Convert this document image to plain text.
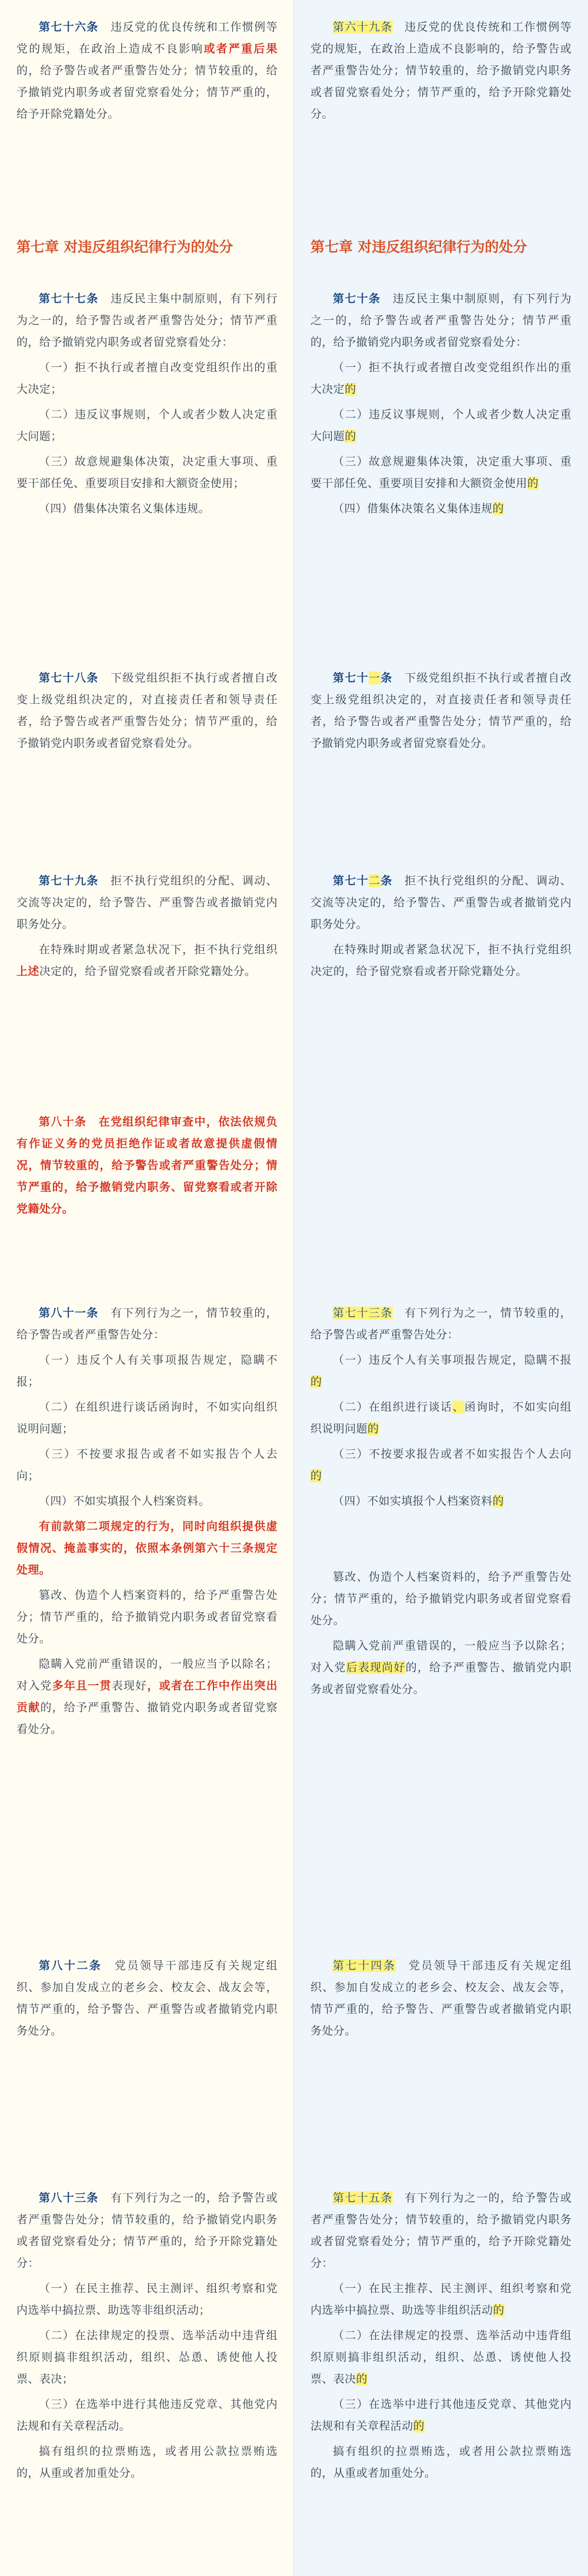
第七十六条　违反党的优良传统和工作惯例等党的规矩，在政治上造成不良影响或者严重后果的，给予警告或者严重警告处分；情节较重的，给予撤销党内职务或者留党察看处分；情节严重的，给予开除党籍处分。

第七章 对违反组织纪律行为的处分

第七十七条　违反民主集中制原则，有下列行为之一的，给予警告或者严重警告处分；情节严重的，给予撤销党内职务或者留党察看处分：

（一）拒不执行或者擅自改变党组织作出的重大决定；

（二）违反议事规则，个人或者少数人决定重大问题；

（三）故意规避集体决策，决定重大事项、重要干部任免、重要项目安排和大额资金使用；

（四）借集体决策名义集体违规。

第七十八条　下级党组织拒不执行或者擅自改变上级党组织决定的，对直接责任者和领导责任者，给予警告或者严重警告处分；情节严重的，给予撤销党内职务或者留党察看处分。

第七十九条　拒不执行党组织的分配、调动、交流等决定的，给予警告、严重警告或者撤销党内职务处分。

在特殊时期或者紧急状况下，拒不执行党组织上述决定的，给予留党察看或者开除党籍处分。

第八十条　在党组织纪律审查中，依法依规负有作证义务的党员拒绝作证或者故意提供虚假情况，情节较重的，给予警告或者严重警告处分；情节严重的，给予撤销党内职务、留党察看或者开除党籍处分。

第八十一条　有下列行为之一，情节较重的，给予警告或者严重警告处分：

（一）违反个人有关事项报告规定，隐瞒不报；

（二）在组织进行谈话函询时，不如实向组织说明问题；

（三）不按要求报告或者不如实报告个人去向；

（四）不如实填报个人档案资料。

有前款第二项规定的行为，同时向组织提供虚假情况、掩盖事实的，依照本条例第六十三条规定处理。

篡改、伪造个人档案资料的，给予严重警告处分；情节严重的，给予撤销党内职务或者留党察看处分。

隐瞒入党前严重错误的，一般应当予以除名；对入党多年且一贯表现好，或者在工作中作出突出贡献的，给予严重警告、撤销党内职务或者留党察看处分。

第八十二条　党员领导干部违反有关规定组织、参加自发成立的老乡会、校友会、战友会等，情节严重的，给予警告、严重警告或者撤销党内职务处分。

第八十三条　有下列行为之一的，给予警告或者严重警告处分；情节较重的，给予撤销党内职务或者留党察看处分；情节严重的，给予开除党籍处分：

（一）在民主推荐、民主测评、组织考察和党内选举中搞拉票、助选等非组织活动；

（二）在法律规定的投票、选举活动中违背组织原则搞非组织活动，组织、怂恿、诱使他人投票、表决；

（三）在选举中进行其他违反党章、其他党内法规和有关章程活动。

搞有组织的拉票贿选，或者用公款拉票贿选的，从重或者加重处分。

第六十九条　违反党的优良传统和工作惯例等党的规矩，在政治上造成不良影响的，给予警告或者严重警告处分；情节较重的，给予撤销党内职务或者留党察看处分；情节严重的，给予开除党籍处分。

第七章 对违反组织纪律行为的处分

第七十条　违反民主集中制原则，有下列行为之一的，给予警告或者严重警告处分；情节严重的，给予撤销党内职务或者留党察看处分：

（一）拒不执行或者擅自改变党组织作出的重大决定的

（二）违反议事规则，个人或者少数人决定重大问题的

（三）故意规避集体决策，决定重大事项、重要干部任免、重要项目安排和大额资金使用的

（四）借集体决策名义集体违规的

第七十一条　下级党组织拒不执行或者擅自改变上级党组织决定的，对直接责任者和领导责任者，给予警告或者严重警告处分；情节严重的，给予撤销党内职务或者留党察看处分。

第七十二条　拒不执行党组织的分配、调动、交流等决定的，给予警告、严重警告或者撤销党内职务处分。

在特殊时期或者紧急状况下，拒不执行党组织决定的，给予留党察看或者开除党籍处分。

第七十三条　有下列行为之一，情节较重的，给予警告或者严重警告处分：

（一）违反个人有关事项报告规定，隐瞒不报的

（二）在组织进行谈话、函询时，不如实向组织说明问题的

（三）不按要求报告或者不如实报告个人去向的

（四）不如实填报个人档案资料的

篡改、伪造个人档案资料的，给予严重警告处分；情节严重的，给予撤销党内职务或者留党察看处分。

隐瞒入党前严重错误的，一般应当予以除名；对入党后表现尚好的，给予严重警告、撤销党内职务或者留党察看处分。

第七十四条　党员领导干部违反有关规定组织、参加自发成立的老乡会、校友会、战友会等，情节严重的，给予警告、严重警告或者撤销党内职务处分。

第七十五条　有下列行为之一的，给予警告或者严重警告处分；情节较重的，给予撤销党内职务或者留党察看处分；情节严重的，给予开除党籍处分：

（一）在民主推荐、民主测评、组织考察和党内选举中搞拉票、助选等非组织活动的

（二）在法律规定的投票、选举活动中违背组织原则搞非组织活动，组织、怂恿、诱使他人投票、表决的

（三）在选举中进行其他违反党章、其他党内法规和有关章程活动的

搞有组织的拉票贿选，或者用公款拉票贿选的，从重或者加重处分。
